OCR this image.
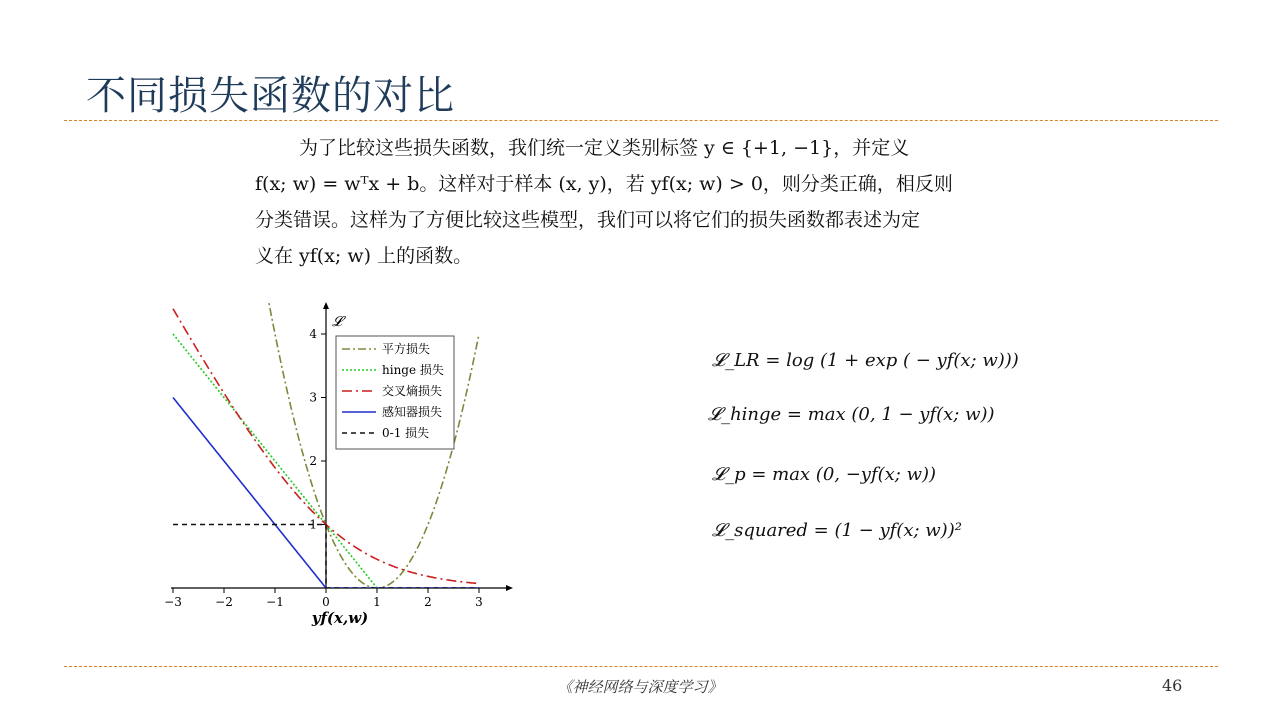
不同损失函数的对比
为了比较这些损失函数，我们统一定义类别标签 y ∈ {+1, −1}，并定义
f(x; w) = wᵀx + b。这样对于样本 (x, y)，若 yf(x; w) > 0，则分类正确，相反则
分类错误。这样为了方便比较这些模型，我们可以将它们的损失函数都表述为定
义在 yf(x; w) 上的函数。
−3	−2	−1	0	1	2	3
1
2
3
4
yf(x,w)
𝓛
平方损失
hinge 损失
交叉熵损失
感知器损失
0-1 损失
𝓛_LR = log (1 + exp ( − yf(x; w)))
𝓛_hinge = max (0, 1 − yf(x; w))
𝓛_p = max (0, −yf(x; w))
𝓛_squared = (1 − yf(x; w))²
《神经网络与深度学习》	46
